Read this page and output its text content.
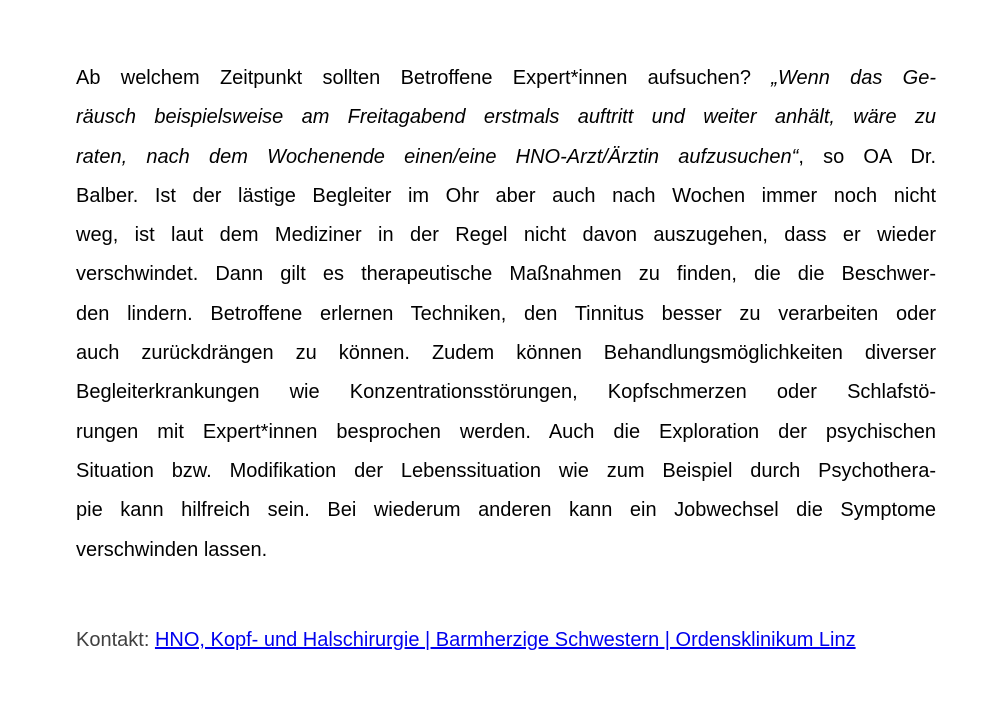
Ab welchem Zeitpunkt sollten Betroffene Expert*innen aufsuchen? „Wenn das Ge-
räusch beispielsweise am Freitagabend erstmals auftritt und weiter anhält, wäre zu
raten, nach dem Wochenende einen/eine HNO-Arzt/Ärztin aufzusuchen“, so OA Dr.
Balber. Ist der lästige Begleiter im Ohr aber auch nach Wochen immer noch nicht
weg, ist laut dem Mediziner in der Regel nicht davon auszugehen, dass er wieder
verschwindet. Dann gilt es therapeutische Maßnahmen zu finden, die die Beschwer-
den lindern. Betroffene erlernen Techniken, den Tinnitus besser zu verarbeiten oder
auch zurückdrängen zu können. Zudem können Behandlungsmöglichkeiten diverser
Begleiterkrankungen wie Konzentrationsstörungen, Kopfschmerzen oder Schlafstö-
rungen mit Expert*innen besprochen werden. Auch die Exploration der psychischen
Situation bzw. Modifikation der Lebenssituation wie zum Beispiel durch Psychothera-
pie kann hilfreich sein. Bei wiederum anderen kann ein Jobwechsel die Symptome
verschwinden lassen.
Kontakt: HNO, Kopf- und Halschirurgie | Barmherzige Schwestern | Ordensklinikum Linz
